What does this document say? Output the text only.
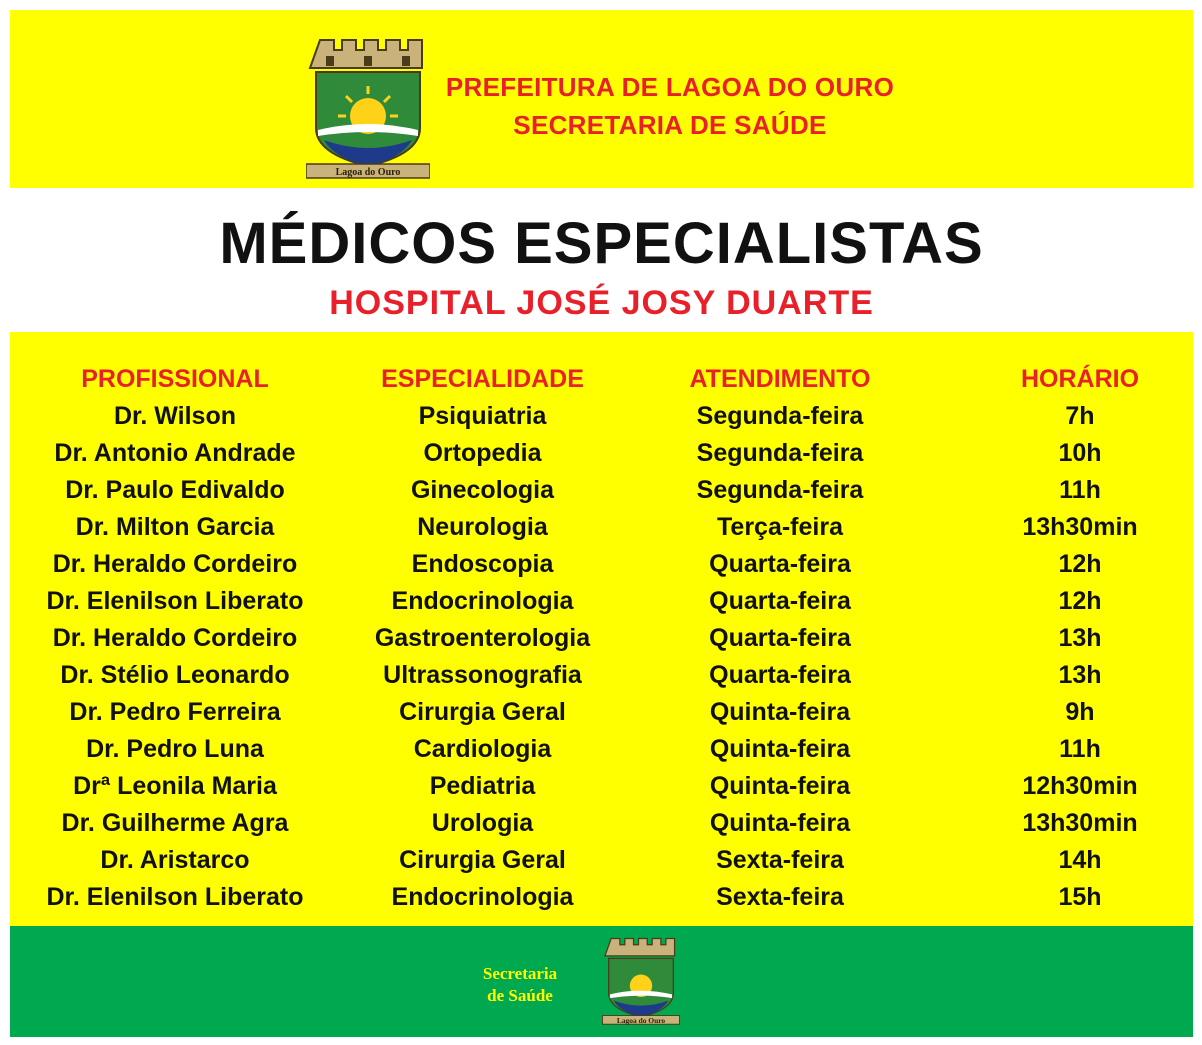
Lagoa do Ouro
PREFEITURA DE LAGOA DO OURO
SECRETARIA DE SAÚDE
MÉDICOS ESPECIALISTAS
HOSPITAL JOSÉ JOSY DUARTE
PROFISSIONAL	ESPECIALIDADE	ATENDIMENTO	HORÁRIO
Dr. Wilson	Psiquiatria	Segunda-feira	7h
Dr. Antonio Andrade	Ortopedia	Segunda-feira	10h
Dr. Paulo Edivaldo	Ginecologia	Segunda-feira	11h
Dr. Milton Garcia	Neurologia	Terça-feira	13h30min
Dr. Heraldo Cordeiro	Endoscopia	Quarta-feira	12h
Dr. Elenilson Liberato	Endocrinologia	Quarta-feira	12h
Dr. Heraldo Cordeiro	Gastroenterologia	Quarta-feira	13h
Dr. Stélio Leonardo	Ultrassonografia	Quarta-feira	13h
Dr. Pedro Ferreira	Cirurgia Geral	Quinta-feira	9h
Dr. Pedro Luna	Cardiologia	Quinta-feira	11h
Drª Leonila Maria	Pediatria	Quinta-feira	12h30min
Dr. Guilherme Agra	Urologia	Quinta-feira	13h30min
Dr. Aristarco	Cirurgia Geral	Sexta-feira	14h
Dr. Elenilson Liberato	Endocrinologia	Sexta-feira	15h
Secretaria
de Saúde
Lagoa do Ouro
